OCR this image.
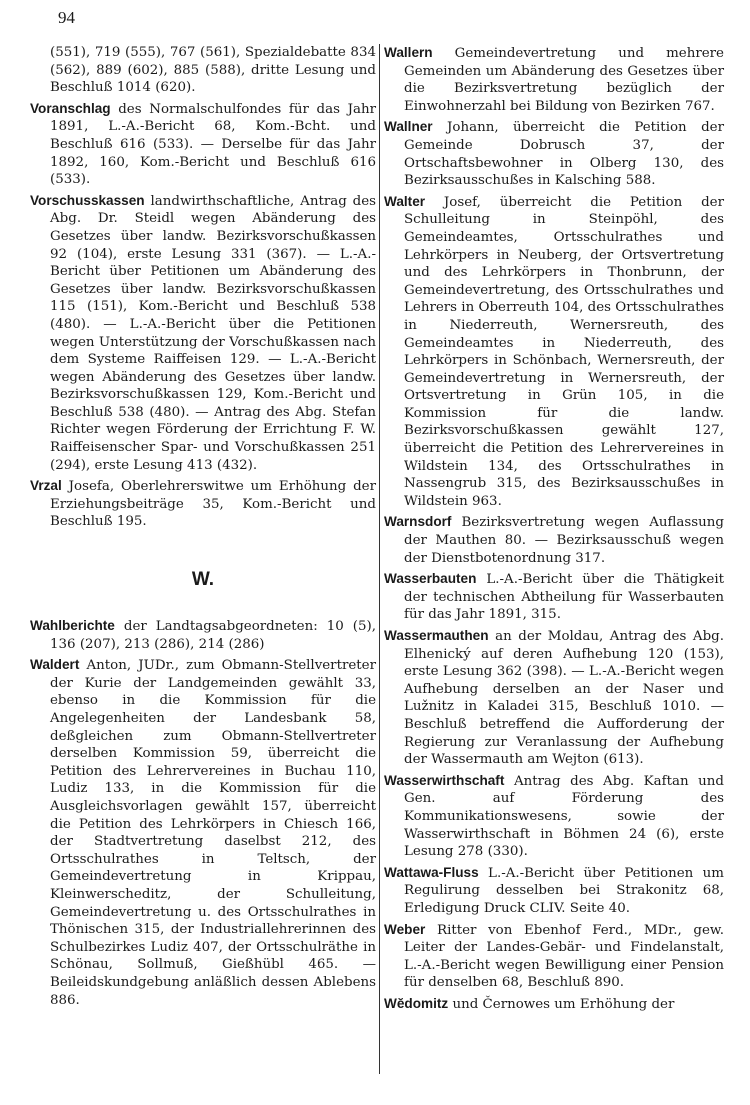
94

(551), 719 (555), 767 (561), Spezialdebatte 834 (562), 889 (602), 885 (588), dritte Lesung und Beschluß 1014 (620).

Voranschlag des Normalschulfondes für das Jahr 1891, L.-A.-Bericht 68, Kom.-Bcht. und Beschluß 616 (533). — Derselbe für das Jahr 1892, 160, Kom.-Bericht und Beschluß 616 (533).

Vorschusskassen landwirthschaftliche, Antrag des Abg. Dr. Steidl wegen Abänderung des Gesetzes über landw. Bezirksvorschußkassen 92 (104), erste Lesung 331 (367). — L.-A.-Bericht über Petitionen um Abänderung des Gesetzes über landw. Bezirksvorschußkassen 115 (151), Kom.-Bericht und Beschluß 538 (480). — L.-A.-Bericht über die Petitionen wegen Unterstützung der Vorschußkassen nach dem Systeme Raiffeisen 129. — L.-A.-Bericht wegen Abänderung des Gesetzes über landw. Bezirksvorschußkassen 129, Kom.-Bericht und Beschluß 538 (480). — Antrag des Abg. Stefan Richter wegen Förderung der Errichtung F. W. Raiffeisenscher Spar- und Vorschußkassen 251 (294), erste Lesung 413 (432).

Vrzal Josefa, Oberlehrerswitwe um Erhöhung der Erziehungsbeiträge 35, Kom.-Bericht und Beschluß 195.

W.

Wahlberichte der Landtagsabgeordneten: 10 (5), 136 (207), 213 (286), 214 (286)

Waldert Anton, JUDr., zum Obmann-Stellvertreter der Kurie der Landgemeinden gewählt 33, ebenso in die Kommission für die Angelegenheiten der Landesbank 58, deßgleichen zum Obmann-Stellvertreter derselben Kommission 59, überreicht die Petition des Lehrervereines in Buchau 110, Ludiz 133, in die Kommission für die Ausgleichsvorlagen gewählt 157, überreicht die Petition des Lehrkörpers in Chiesch 166, der Stadtvertretung daselbst 212, des Ortsschulrathes in Teltsch, der Gemeindevertretung in Krippau, Kleinwerscheditz, der Schulleitung, Gemeindevertretung u. des Ortsschulrathes in Thönischen 315, der Industriallehrerinnen des Schulbezirkes Ludiz 407, der Ortsschulräthe in Schönau, Sollmuß, Gießhübl 465. — Beileidskundgebung anläßlich dessen Ablebens 886.

Wallern Gemeindevertretung und mehrere Gemeinden um Abänderung des Gesetzes über die Bezirksvertretung bezüglich der Einwohnerzahl bei Bildung von Bezirken 767.

Wallner Johann, überreicht die Petition der Gemeinde Dobrusch 37, der Ortschaftsbewohner in Olberg 130, des Bezirksausschußes in Kalsching 588.

Walter Josef, überreicht die Petition der Schulleitung in Steinpöhl, des Gemeindeamtes, Ortsschulrathes und Lehrkörpers in Neuberg, der Ortsvertretung und des Lehrkörpers in Thonbrunn, der Gemeindevertretung, des Ortsschulrathes und Lehrers in Oberreuth 104, des Ortsschulrathes in Niederreuth, Wernersreuth, des Gemeindeamtes in Niederreuth, des Lehrkörpers in Schönbach, Wernersreuth, der Gemeindevertretung in Wernersreuth, der Ortsvertretung in Grün 105, in die Kommission für die landw. Bezirksvorschußkassen gewählt 127, überreicht die Petition des Lehrervereines in Wildstein 134, des Ortsschulrathes in Nassengrub 315, des Bezirksausschußes in Wildstein 963.

Warnsdorf Bezirksvertretung wegen Auflassung der Mauthen 80. — Bezirksausschuß wegen der Dienstbotenordnung 317.

Wasserbauten L.-A.-Bericht über die Thätigkeit der technischen Abtheilung für Wasserbauten für das Jahr 1891, 315.

Wassermauthen an der Moldau, Antrag des Abg. Elhenický auf deren Aufhebung 120 (153), erste Lesung 362 (398). — L.-A.-Bericht wegen Aufhebung derselben an der Naser und Lužnitz in Kaladei 315, Beschluß 1010. — Beschluß betreffend die Aufforderung der Regierung zur Veranlassung der Aufhebung der Wassermauth am Wejton (613).

Wasserwirthschaft Antrag des Abg. Kaftan und Gen. auf Förderung des Kommunikationswesens, sowie der Wasserwirthschaft in Böhmen 24 (6), erste Lesung 278 (330).

Wattawa-Fluss L.-A.-Bericht über Petitionen um Regulirung desselben bei Strakonitz 68, Erledigung Druck CLIV. Seite 40.

Weber Ritter von Ebenhof Ferd., MDr., gew. Leiter der Landes-Gebär- und Findelanstalt, L.-A.-Bericht wegen Bewilligung einer Pension für denselben 68, Beschluß 890.

Wĕdomitz und Černowes um Erhöhung der
